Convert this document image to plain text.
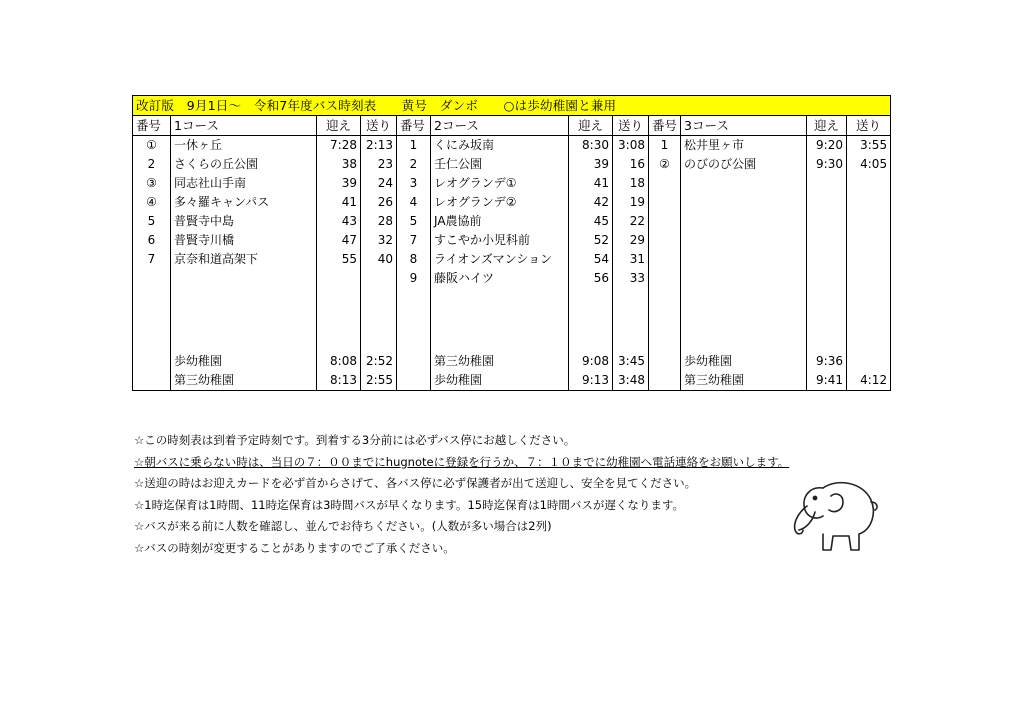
改訂版　9月1日～　令和7年度バス時刻表　　黄号　ダンボ　　○は歩幼稚園と兼用											
番号	1コース	迎え	送り	番号	2コース	迎え	送り	番号	3コース	迎え	送り
①	一休ヶ丘	7:28	2:13	1	くにみ坂南	8:30	3:08	1	松井里ヶ市	9:20	3:55
2	さくらの丘公園	38	23	2	壬仁公園	39	16	②	のびのび公園	9:30	4:05
③	同志社山手南	39	24	3	レオグランデ①	41	18				
④	多々羅キャンパス	41	26	4	レオグランデ②	42	19				
5	普賢寺中島	43	28	5	JA農協前	45	22				
6	普賢寺川橋	47	32	7	すこやか小児科前	52	29				
7	京奈和道高架下	55	40	8	ライオンズマンション	54	31				
				9	藤阪ハイツ	56	33				

	歩幼稚園	8:08	2:52		第三幼稚園	9:08	3:45		歩幼稚園	9:36	
	第三幼稚園	8:13	2:55		歩幼稚園	9:13	3:48		第三幼稚園	9:41	4:12
☆この時刻表は到着予定時刻です。到着する3分前には必ずバス停にお越しください。
☆朝バスに乗らない時は、当日の７：００までにhugnoteに登録を行うか、７：１０までに幼稚園へ電話連絡をお願いします。
☆送迎の時はお迎えカードを必ず首からさげて、各バス停に必ず保護者が出て送迎し、安全を見てください。
☆1時迄保育は1時間、11時迄保育は3時間バスが早くなります。15時迄保育は1時間バスが遅くなります。
☆バスが来る前に人数を確認し、並んでお待ちください。(人数が多い場合は2列)
☆バスの時刻が変更することがありますのでご了承ください。
